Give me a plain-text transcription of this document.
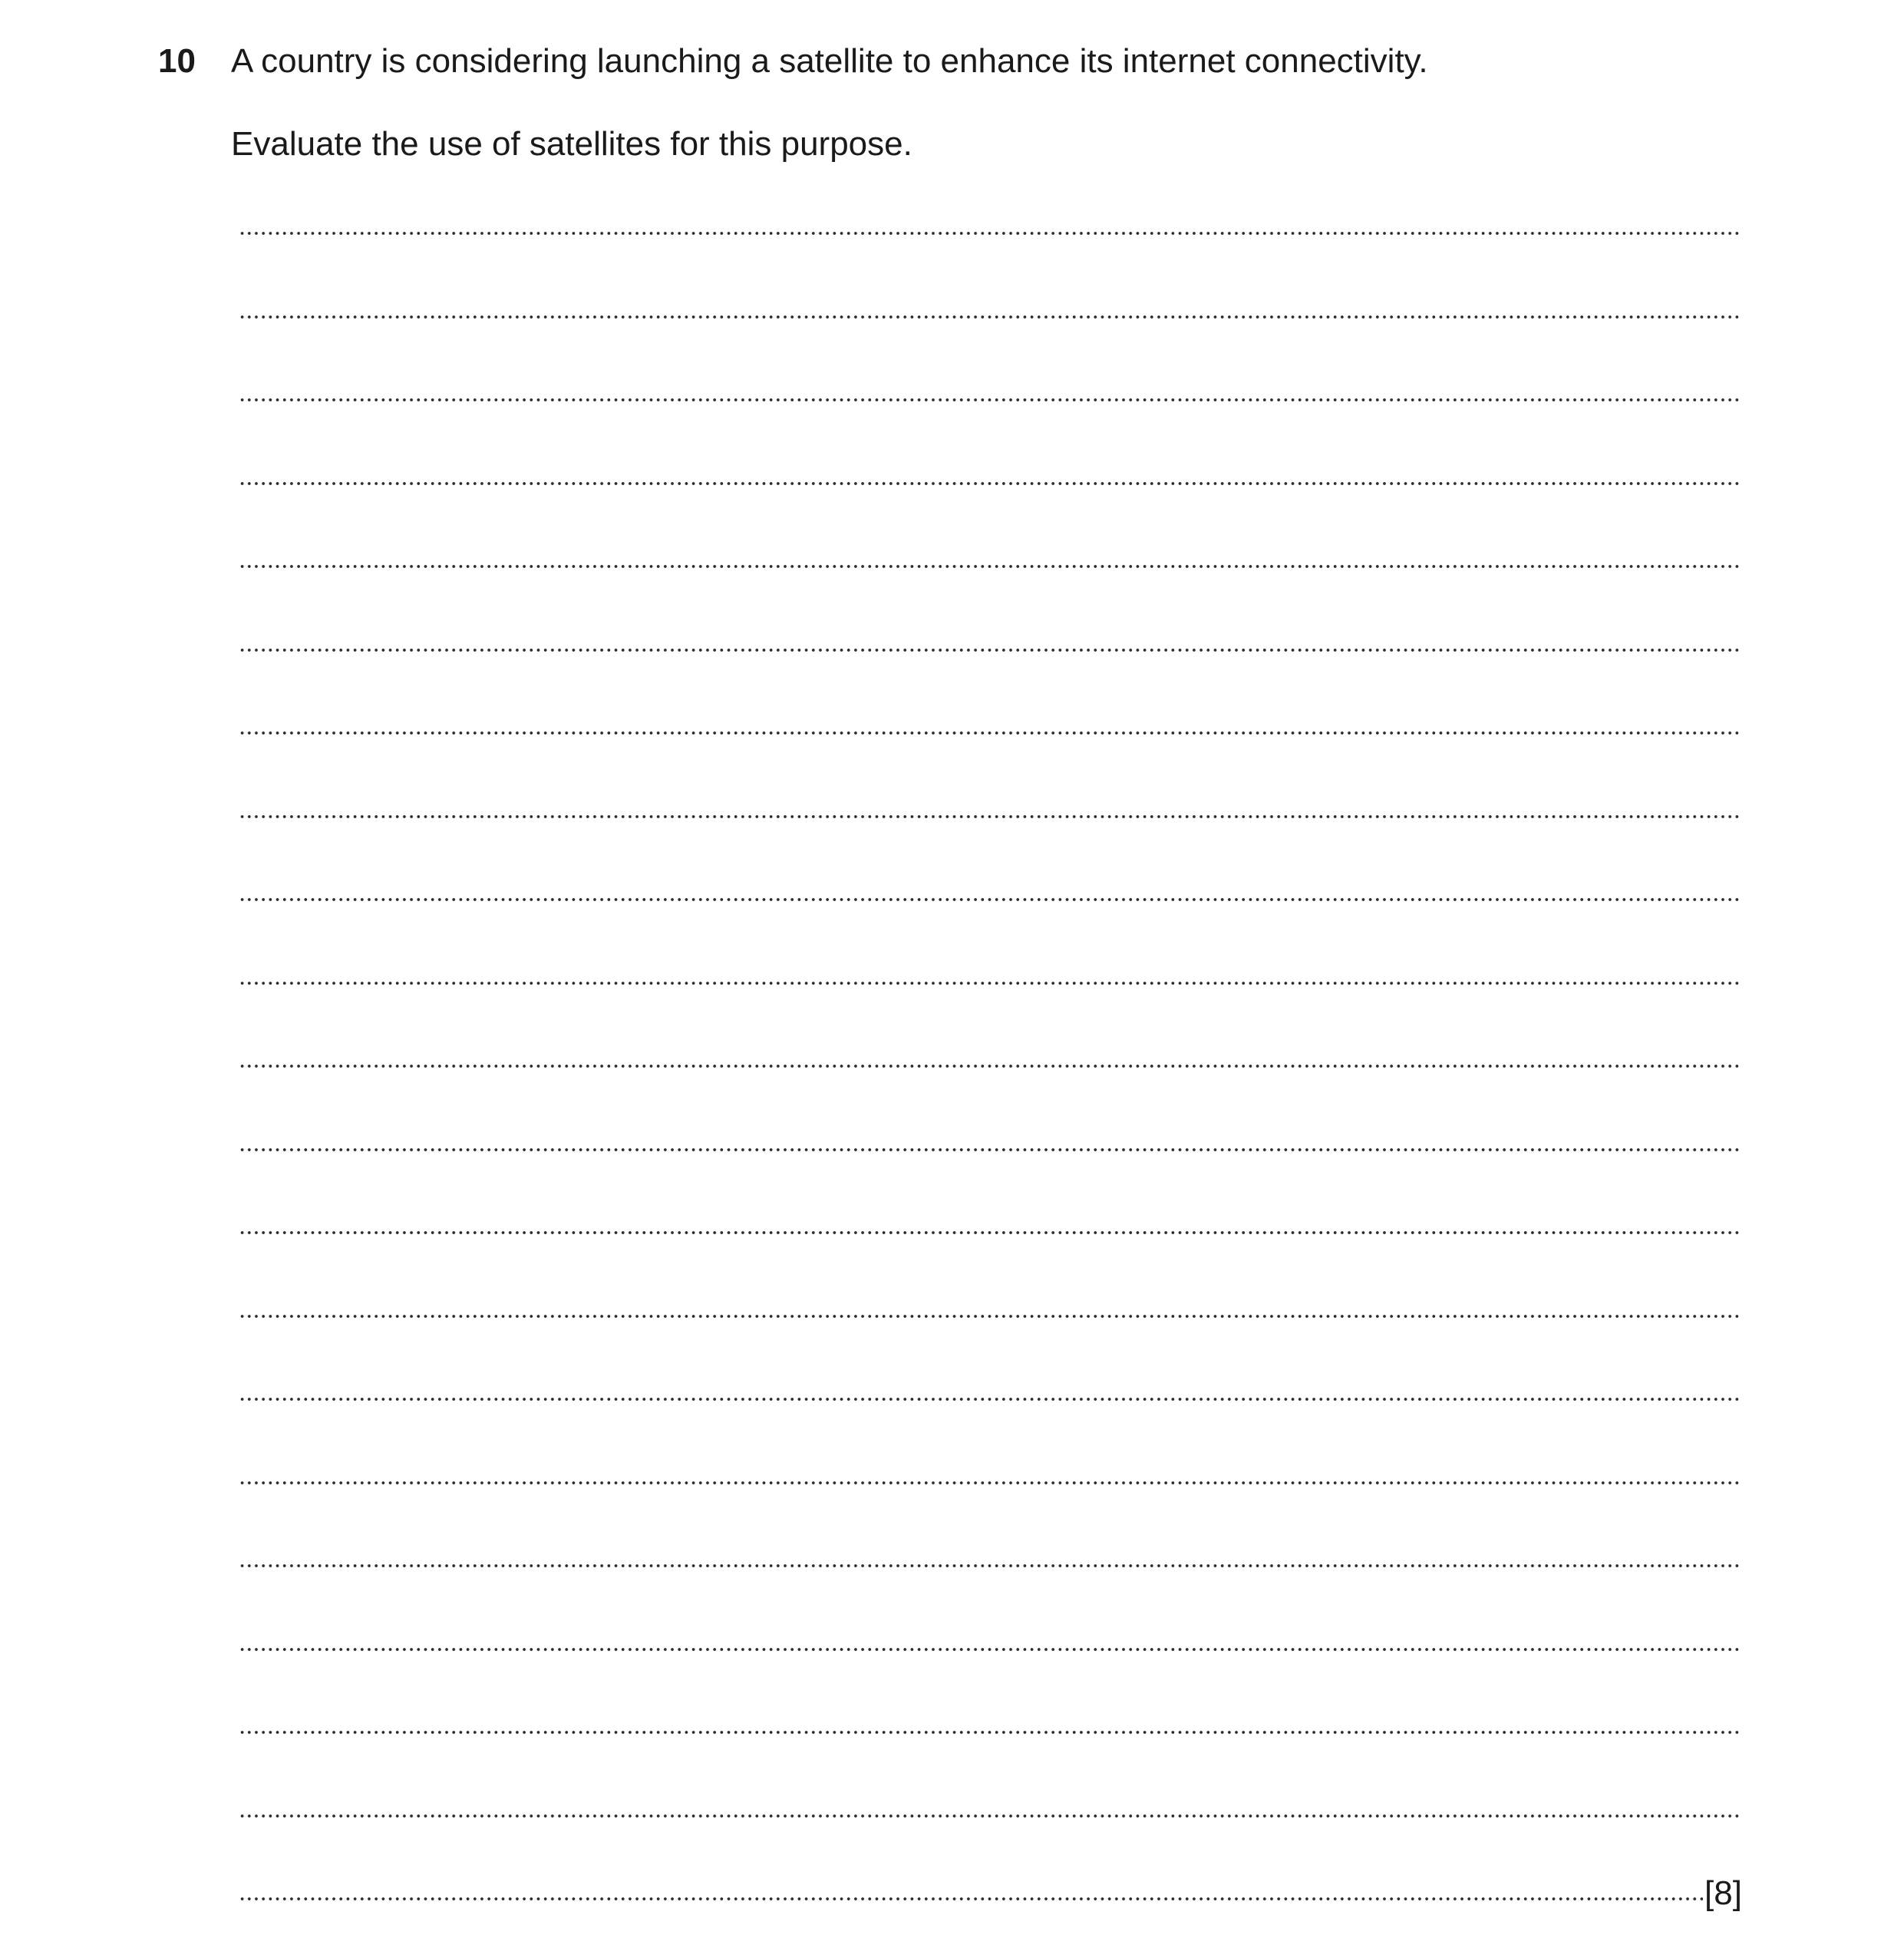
10 A country is considering launching a satellite to enhance its internet connectivity.
Evaluate the use of satellites for this purpose.
[8]
